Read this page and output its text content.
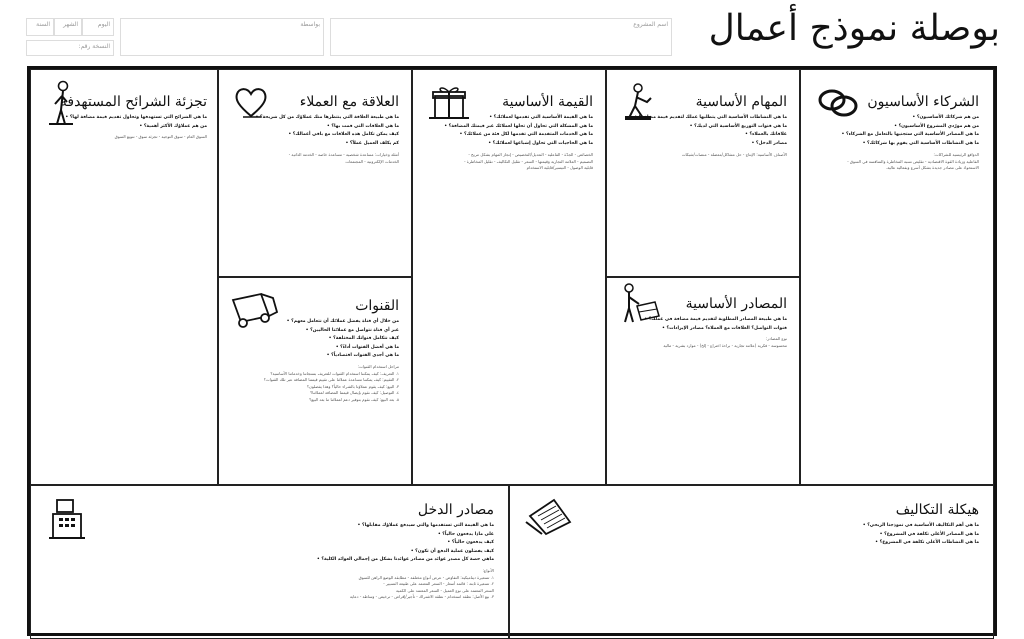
بوصلة نموذج أعمال
اسم المشروع
بواسطة
اليوم
الشهر
السنة
النسخة رقم:
الشركاء الأساسيون
من هم شركائك الأساسيون؟ •
من هم مورّدي المشروع الأساسيون؟ •
ما هي المصادر الأساسية التي ستجنيها بالتعامل مع الشركاء؟ •
ما هي النشاطات الأساسية التي يقوم بها شركائك؟ •
الدوافع الرئيسية للشراكات:
الفاعلية وزيادة القوة الاقتصادية - تقليص نسبة المخاطرة والمنافسة في السوق -
الاستحواذ على مصادر جديدة بشكل أسرع وبفعالية عالية.
المهام الأساسية
ما هي النشاطات الأساسية التي يتطلبها عملك لتقديم قيمة مضافة؟ •
ما هي قنوات التوزيع الأساسية التي لديك؟ •
علاقاتك بالعملاء؟ •
مصادر الدخل؟ •
الأصناف الأساسية: الإنتاج - حل مشاكل/معضلة - منصات/شبكات
المصادر الأساسية
ما هي طبيعة المصادر المطلوبة لتقديم قيمة مضافة في عملك؟ •
قنوات التواصل؟ العلاقات مع العملاء؟ مصادر الإيرادات؟ •
نوع المصادر:
محسوسة - فكرية (علامة تجارية - براءة اختراع - إلخ) - موارد بشرية - مالية
القيمة الأساسية
ما هي القيمة الأساسية التي تقدمها لعملائك؟ •
ما هي المشكلة التي تحاول أن تحلها لعملائك عبر قيمتك المضافة؟ •
ما هي الخدمات المتقدمة التي تقدمها لكل فئة من عملائك؟ •
ما هي الحاجيات التي تحاول إشباعها لعملائك؟ •
الخصائص - الجدّة - الفاعلية - التعديل/التخصيص - إنجاز المهام بشكل مريح -
التصميم - العلامة التجارية وقيمتها - السعر - تقليل التكاليف - تقليل المخاطرة -
قابلية الوصول - التيسير/قابلية الاستخدام
العلاقة مع العملاء
ما هي طبيعة العلاقة التي ينتظرها منك عملاؤك من كل شريحة؟ •
ما هي العلاقات التي قمت بها؟ •
كيف يمكن تكامل هذه العلاقات مع باقي أعمالك؟ •
كم يكلف العميل عملاً؟ •
أمثلة وخيارات: مساعدة شخصية - مساعدة خاصة - الخدمة الذاتية -
الخدمات الإلكترونية - المجتمعات
القنوات
من خلال أي قناة يفضل عملائك أن نتعامل معهم؟ •
عبر أي قناة نتواصل مع عملائنا الحاليين؟ •
كيف نتكامل قنواتك المختلفة؟ •
ما هي أفضل القنوات أداءً؟ •
ما هي أجدى القنوات اقتصادياً؟ •
مراحل استخدام القنوات:
١. التعريف: كيف يمكننا استخدام القنوات للتعريف بمنتجاتنا وخدماتنا الأساسية؟
٢. التقييم: كيف يمكننا مساعدة عملائنا على تقييم قيمتنا المضافة عبر تلك القنوات؟
٣. البيع: كيف يقوم عملاؤنا بالشراء حالياً؟ وهذا يفضلون؟
٤. التوصيل: كيف نقوم بإيصال قيمتنا المضافة لعملائنا؟
٥. بعد البيع: كيف نقوم بتوفير دعم لعملائنا ما بعد البيع؟
تجزئة الشرائح المستهدفة
ما هي الشرائح التي تستهدفها وتحاول تقديم قيمة مضافة لها؟ •
من هم عملاؤك الأكثر أهمية؟ •
السوق العام - سوق التوجيه - تجزئة سوق - تنويع السوق
هيكلة التكاليف
ما هي أهم التكاليف الأساسية في نموذجنا الربحي؟ •
ما هي المصادر الأعلى تكلفة في المشروع؟ •
ما هي النشاطات الأعلى تكلفة في المشروع؟ •
مصادر الدخل
ما هي القيمة التي تستقدمها والتي سيدفع عملاؤك مقابلها؟ •
على ماذا يدفعون حالياً؟ •
كيف يدفعون حالياً؟ •
كيف يفضلون عملية الدفع أن تكون؟ •
ماهي حصة كل مصدر عوائد من مصادر عوائدنا بشكل من إجمالي العوائد الكلية؟ •
الأنواع:
١. تسعيرة ديناميكية: التفاوض - عرض أنواع مختلفة - مطابقة الوضع الراهن للسوق
٢. تسعيرة ثابتة : قائمة أسعار - السعر المعتمد على طبيعة التسيير -
السعر المعتمد على نوع العميل - السعر المعتمد على الكمية
٣. بيع الأصل: نطقة استخدام - نطقة الاشتراك - تأجير/إقراض - ترخيص - وساطة - دعاية
